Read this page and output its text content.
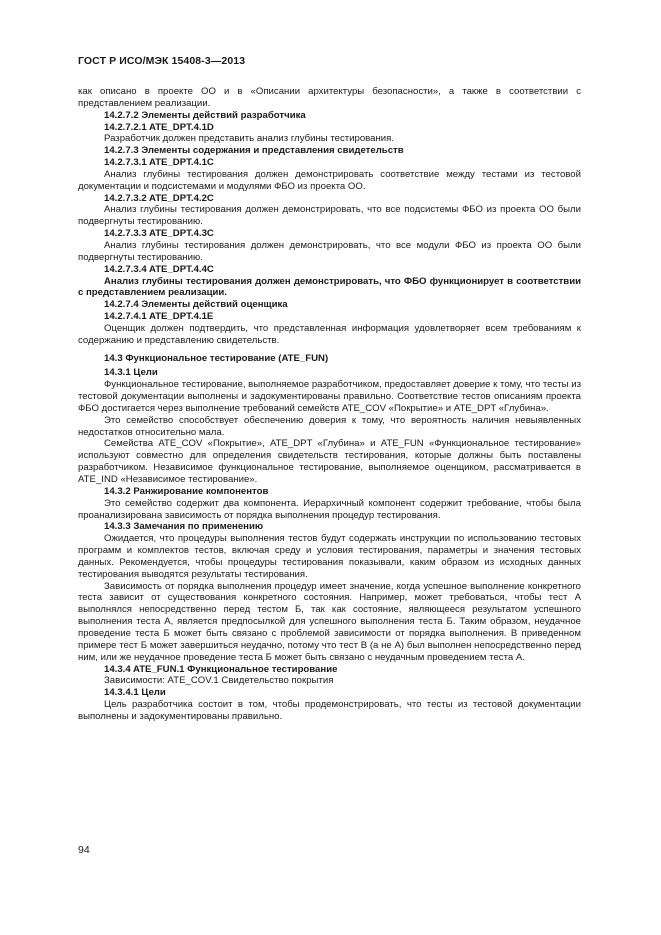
ГОСТ Р ИСО/МЭК 15408-3—2013

как описано в проекте ОО и в «Описании архитектуры безопасности», а также в соответствии с представлением реализации.

14.2.7.2 Элементы действий разработчика

14.2.7.2.1 ATE_DPT.4.1D

Разработчик должен представить анализ глубины тестирования.

14.2.7.3 Элементы содержания и представления свидетельств

14.2.7.3.1 ATE_DPT.4.1C

Анализ глубины тестирования должен демонстрировать соответствие между тестами из тестовой документации и подсистемами и модулями ФБО из проекта ОО.

14.2.7.3.2 ATE_DPT.4.2C

Анализ глубины тестирования должен демонстрировать, что все подсистемы ФБО из проекта ОО были подвергнуты тестированию.

14.2.7.3.3 ATE_DPT.4.3C

Анализ глубины тестирования должен демонстрировать, что все модули ФБО из проекта ОО были подвергнуты тестированию.

14.2.7.3.4 ATE_DPT.4.4C

Анализ глубины тестирования должен демонстрировать, что ФБО функционирует в соответствии с представлением реализации.

14.2.7.4 Элементы действий оценщика

14.2.7.4.1 ATE_DPT.4.1E

Оценщик должен подтвердить, что представленная информация удовлетворяет всем требованиям к содержанию и представлению свидетельств.

14.3 Функциональное тестирование (ATE_FUN)

14.3.1 Цели

Функциональное тестирование, выполняемое разработчиком, предоставляет доверие к тому, что тесты из тестовой документации выполнены и задокументированы правильно. Соответствие тестов описаниям проекта ФБО достигается через выполнение требований семейств ATE_COV «Покрытие» и ATE_DPT «Глубина».

Это семейство способствует обеспечению доверия к тому, что вероятность наличия невыявленных недостатков относительно мала.

Семейства ATE_COV «Покрытие», ATE_DPT «Глубина» и ATE_FUN «Функциональное тестирование» используют совместно для определения свидетельств тестирования, которые должны быть поставлены разработчиком. Независимое функциональное тестирование, выполняемое оценщиком, рассматривается в ATE_IND «Независимое тестирование».

14.3.2 Ранжирование компонентов

Это семейство содержит два компонента. Иерархичный компонент содержит требование, чтобы была проанализирована зависимость от порядка выполнения процедур тестирования.

14.3.3 Замечания по применению

Ожидается, что процедуры выполнения тестов будут содержать инструкции по использованию тестовых программ и комплектов тестов, включая среду и условия тестирования, параметры и значения тестовых данных. Рекомендуется, чтобы процедуры тестирования показывали, каким образом из исходных данных тестирования выводятся результаты тестирования.

Зависимость от порядка выполнения процедур имеет значение, когда успешное выполнение конкретного теста зависит от существования конкретного состояния. Например, может требоваться, чтобы тест А выполнялся непосредственно перед тестом Б, так как состояние, являющееся результатом успешного выполнения теста А, является предпосылкой для успешного выполнения теста Б. Таким образом, неудачное проведение теста Б может быть связано с проблемой зависимости от порядка выполнения. В приведенном примере тест Б может завершиться неудачно, потому что тест В (а не А) был выполнен непосредственно перед ним, или же неудачное проведение теста Б может быть связано с неудачным проведением теста А.

14.3.4 ATE_FUN.1 Функциональное тестирование

Зависимости: ATE_COV.1 Свидетельство покрытия

14.3.4.1 Цели

Цель разработчика состоит в том, чтобы продемонстрировать, что тесты из тестовой документации выполнены и задокументированы правильно.

94
